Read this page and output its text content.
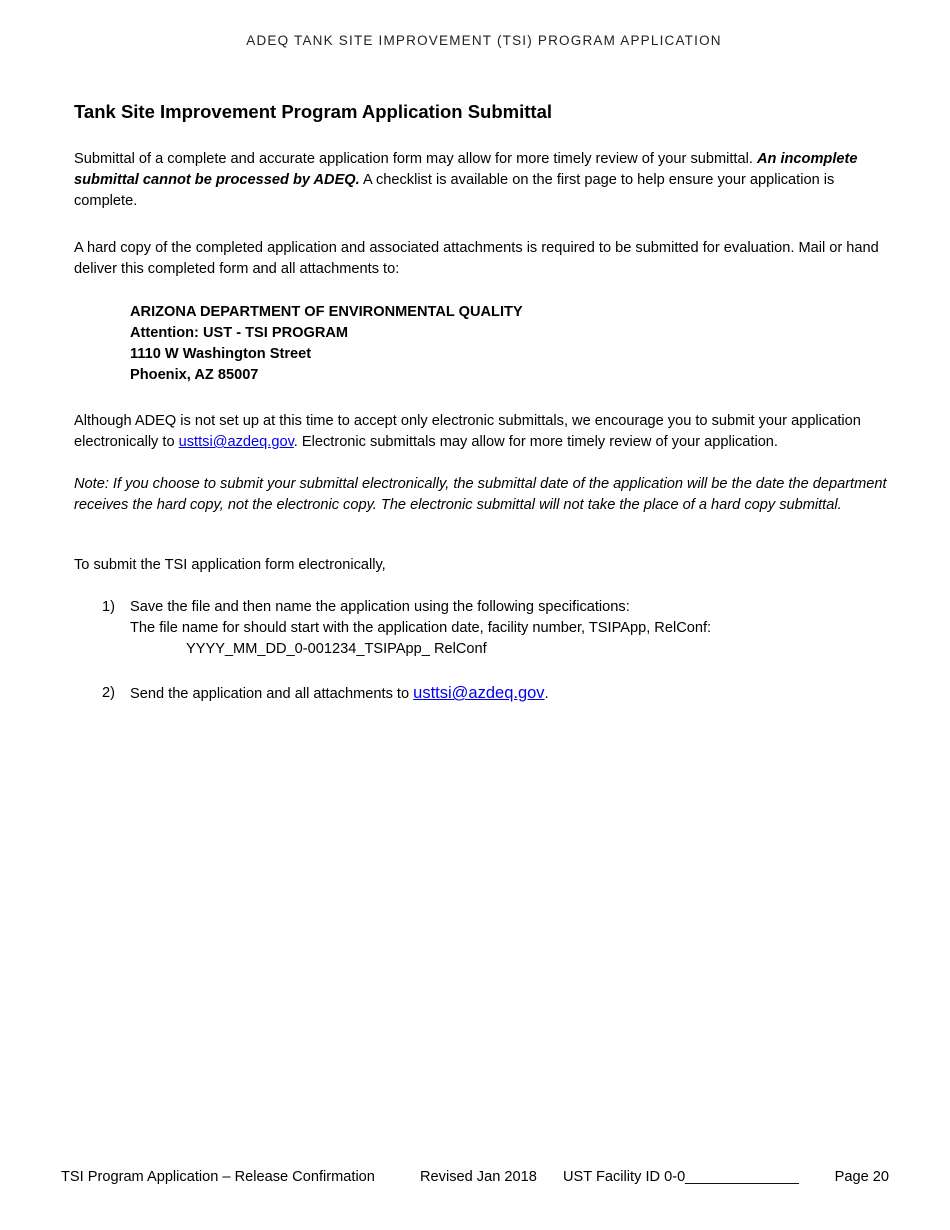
ADEQ TANK SITE IMPROVEMENT (TSI) PROGRAM APPLICATION
Tank Site Improvement Program Application Submittal

Submittal of a complete and accurate application form may allow for more timely review of your submittal. An incomplete submittal cannot be processed by ADEQ. A checklist is available on the first page to help ensure your application is complete.

A hard copy of the completed application and associated attachments is required to be submitted for evaluation. Mail or hand deliver this completed form and all attachments to:

ARIZONA DEPARTMENT OF ENVIRONMENTAL QUALITY
Attention: UST - TSI PROGRAM
1110 W Washington Street
Phoenix, AZ 85007

Although ADEQ is not set up at this time to accept only electronic submittals, we encourage you to submit your application electronically to usttsi@azdeq.gov. Electronic submittals may allow for more timely review of your application.

Note: If you choose to submit your submittal electronically, the submittal date of the application will be the date the department receives the hard copy, not the electronic copy. The electronic submittal will not take the place of a hard copy submittal.

To submit the TSI application form electronically,

1) Save the file and then name the application using the following specifications:
The file name for should start with the application date, facility number, TSIPApp, RelConf:
YYYY_MM_DD_0-001234_TSIPApp_ RelConf
2) Send the application and all attachments to usttsi@azdeq.gov.
TSI Program Application – Release Confirmation	Revised Jan 2018 UST Facility ID 0-0______________ Page 20
